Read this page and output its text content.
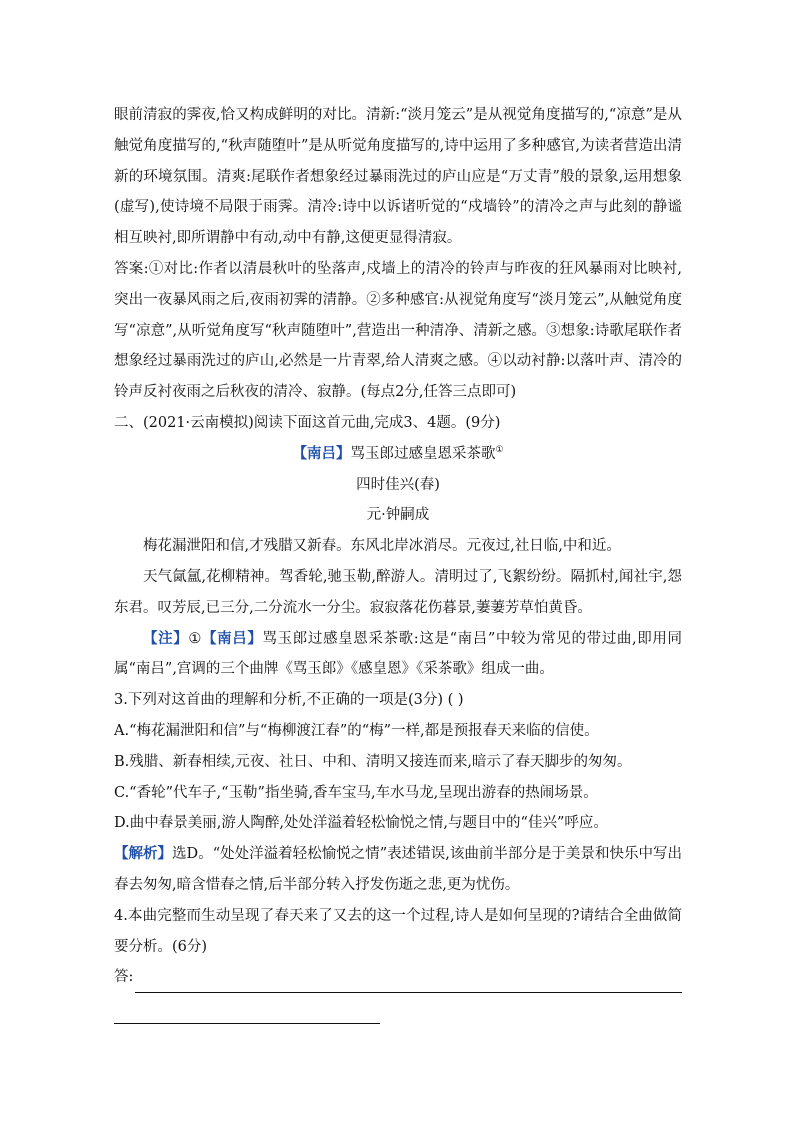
眼前清寂的霁夜,恰又构成鲜明的对比。清新:“淡月笼云”是从视觉角度描写的,“凉意”是从触觉角度描写的,“秋声随堕叶”是从听觉角度描写的,诗中运用了多种感官,为读者营造出清新的环境氛围。清爽:尾联作者想象经过暴雨洗过的庐山应是“万丈青”般的景象,运用想象(虚写),使诗境不局限于雨霁。清冷:诗中以诉诸听觉的“戍墙铃”的清冷之声与此刻的静谧相互映衬,即所谓静中有动,动中有静,这便更显得清寂。

答案:①对比:作者以清晨秋叶的坠落声,戍墙上的清冷的铃声与昨夜的狂风暴雨对比映衬,突出一夜暴风雨之后,夜雨初霁的清静。②多种感官:从视觉角度写“淡月笼云”,从触觉角度写“凉意”,从听觉角度写“秋声随堕叶”,营造出一种清净、清新之感。③想象:诗歌尾联作者想象经过暴雨洗过的庐山,必然是一片青翠,给人清爽之感。④以动衬静:以落叶声、清冷的铃声反衬夜雨之后秋夜的清冷、寂静。(每点2分,任答三点即可)

二、(2021·云南模拟)阅读下面这首元曲,完成3、4题。(9分)

【南吕】骂玉郎过感皇恩采茶歌①

四时佳兴(春)

元·钟嗣成

梅花漏泄阳和信,才残腊又新春。东风北岸冰消尽。元夜过,社日临,中和近。

天气氤氲,花柳精神。驾香轮,驰玉勒,醉游人。清明过了,飞絮纷纷。隔抓村,闻社宇,怨东君。叹芳辰,已三分,二分流水一分尘。寂寂落花伤暮景,萋萋芳草怕黄昏。

【注】①【南吕】骂玉郎过感皇恩采茶歌:这是“南吕”中较为常见的带过曲,即用同属“南吕”,宫调的三个曲牌《骂玉郎》《感皇恩》《采茶歌》组成一曲。

3.下列对这首曲的理解和分析,不正确的一项是(3分) ( )

A.“梅花漏泄阳和信”与“梅柳渡江春”的“梅”一样,都是预报春天来临的信使。

B.残腊、新春相续,元夜、社日、中和、清明又接连而来,暗示了春天脚步的匆匆。

C.“香轮”代车子,“玉勒”指坐骑,香车宝马,车水马龙,呈现出游春的热闹场景。

D.曲中春景美丽,游人陶醉,处处洋溢着轻松愉悦之情,与题目中的“佳兴”呼应。

【解析】选D。“处处洋溢着轻松愉悦之情”表述错误,该曲前半部分是于美景和快乐中写出春去匆匆,暗含惜春之情,后半部分转入抒发伤逝之悲,更为忧伤。

4.本曲完整而生动呈现了春天来了又去的这一个过程,诗人是如何呈现的?请结合全曲做简要分析。(6分)

答:
